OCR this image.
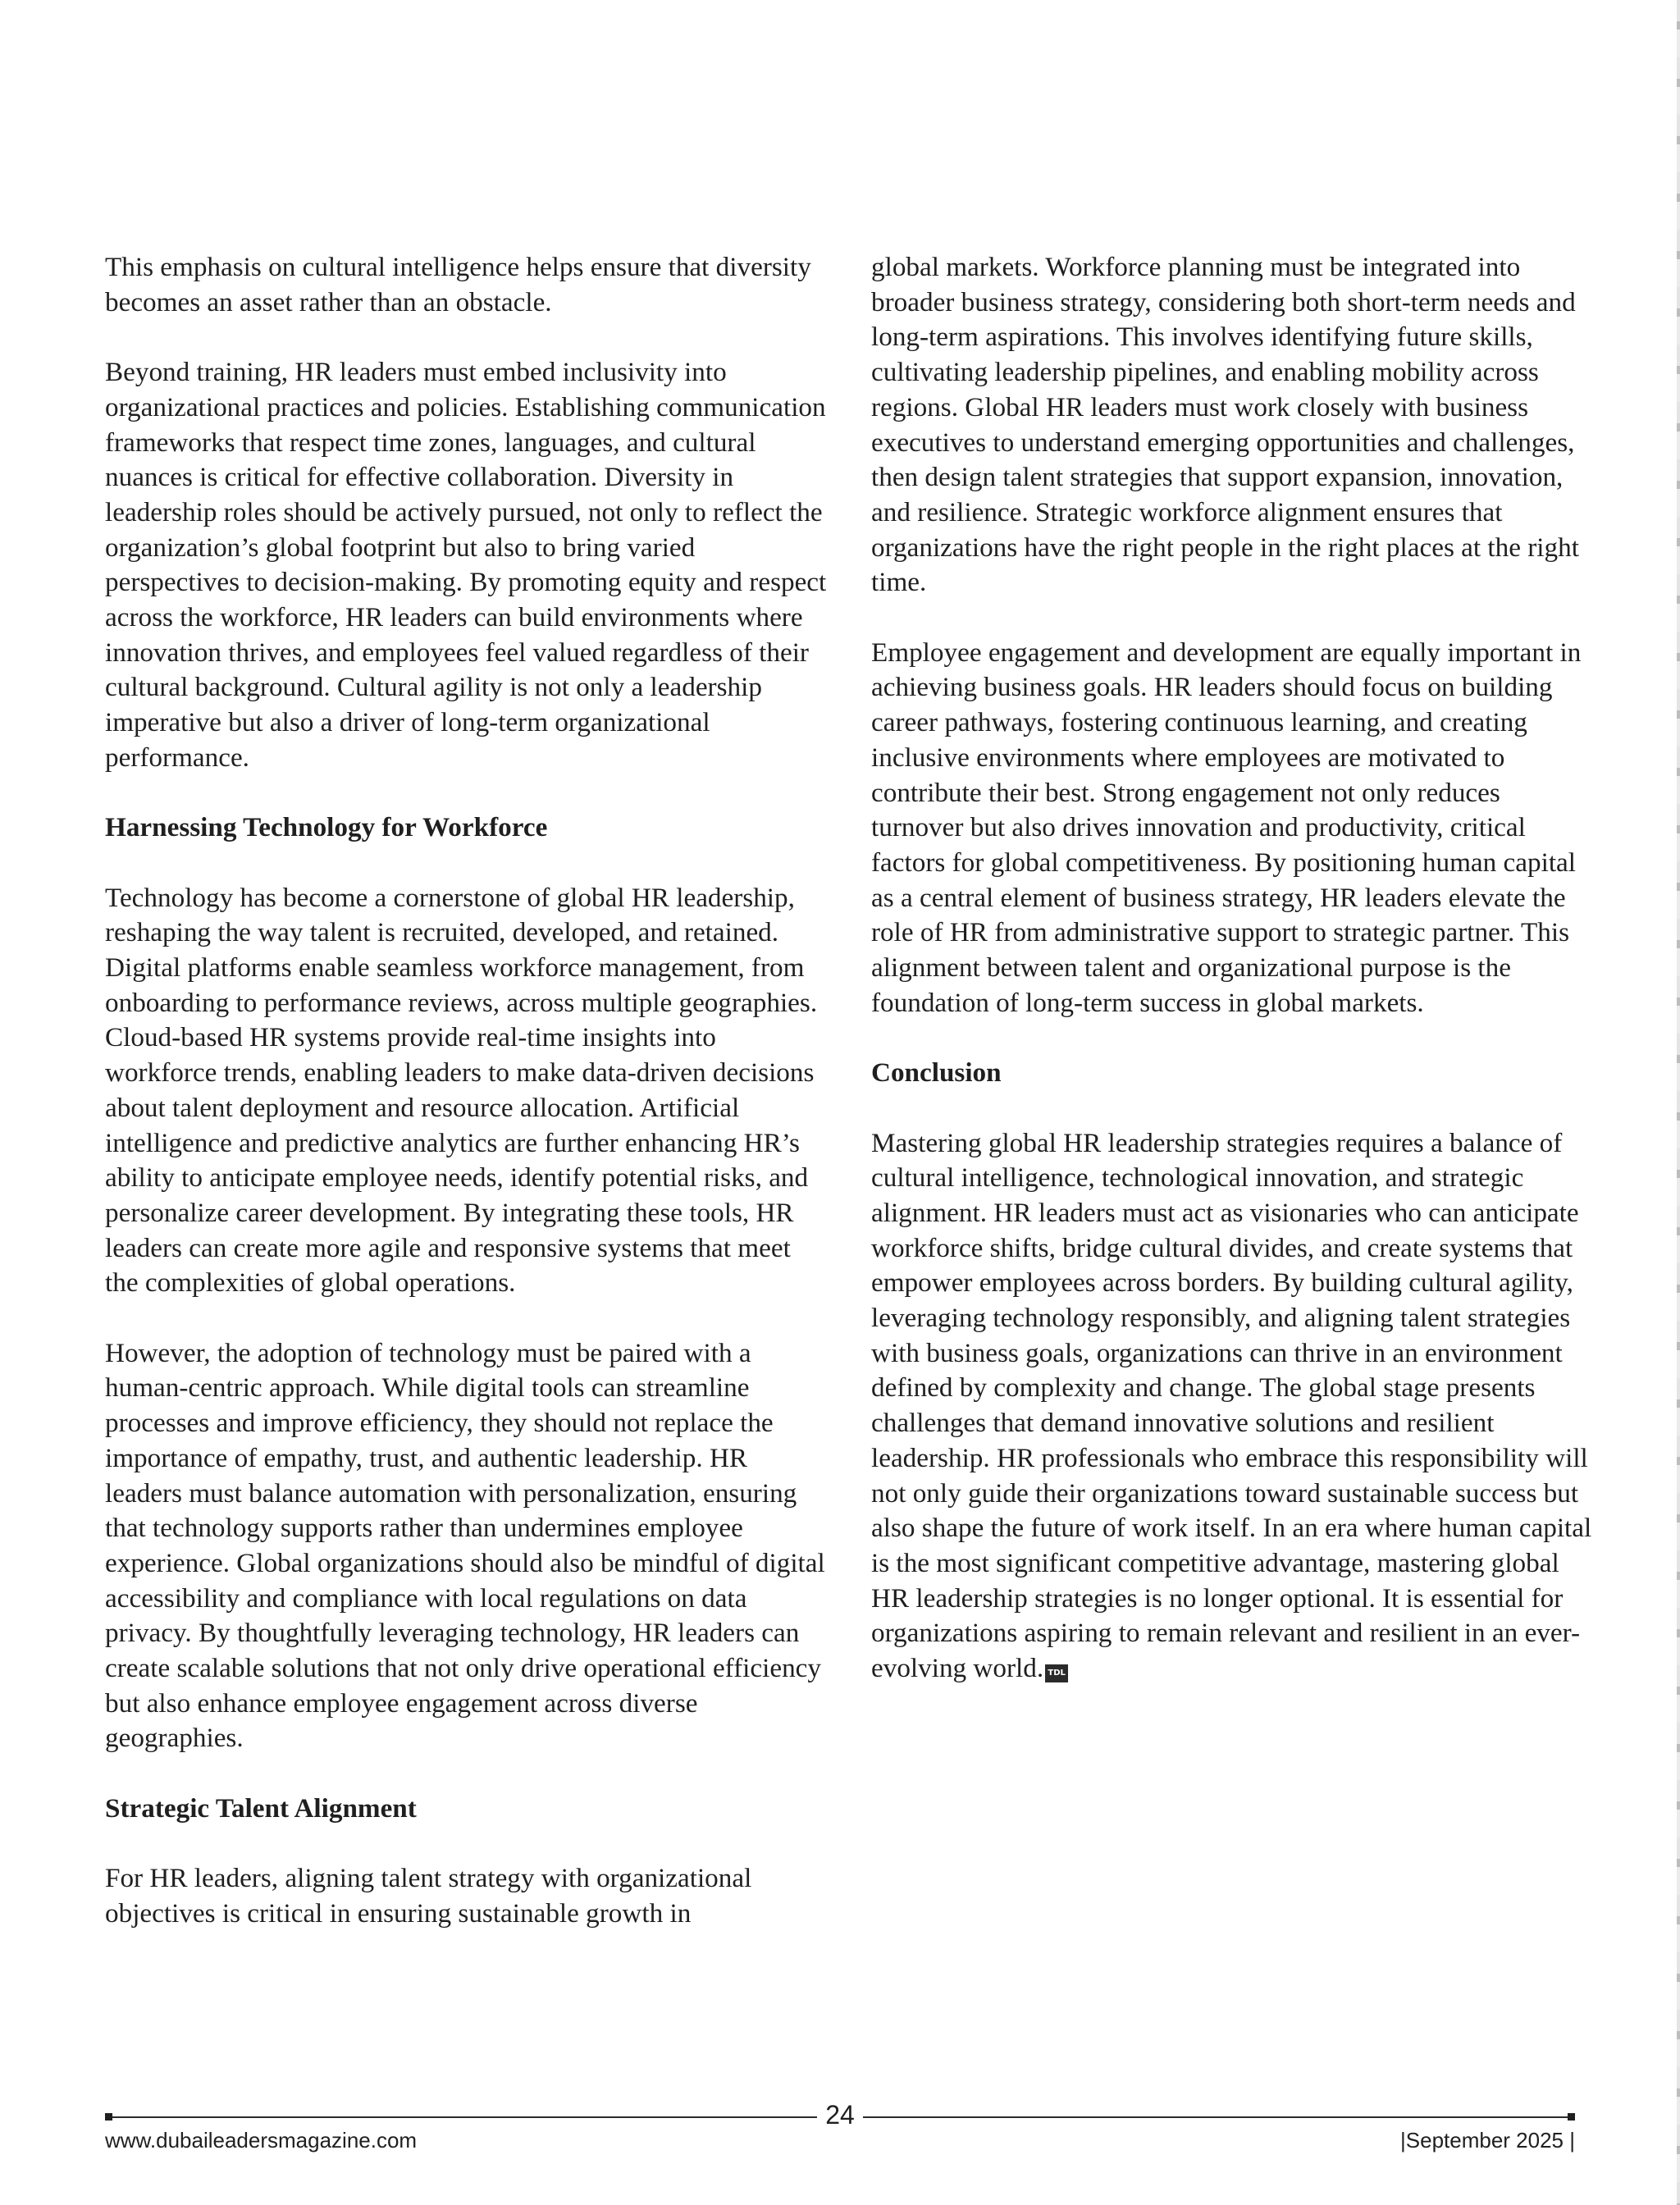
This emphasis on cultural intelligence helps ensure that diversity becomes an asset rather than an obstacle.

Beyond training, HR leaders must embed inclusivity into organizational practices and policies. Establishing communication frameworks that respect time zones, languages, and cultural nuances is critical for effective collaboration. Diversity in leadership roles should be actively pursued, not only to reflect the organization’s global footprint but also to bring varied perspectives to decision-making. By promoting equity and respect across the workforce, HR leaders can build environments where innovation thrives, and employees feel valued regardless of their cultural background. Cultural agility is not only a leadership imperative but also a driver of long-term organizational performance.

Harnessing Technology for Workforce

Technology has become a cornerstone of global HR leadership, reshaping the way talent is recruited, developed, and retained. Digital platforms enable seamless workforce management, from onboarding to performance reviews, across multiple geographies. Cloud-based HR systems provide real-time insights into workforce trends, enabling leaders to make data-driven decisions about talent deployment and resource allocation. Artificial intelligence and predictive analytics are further enhancing HR’s ability to anticipate employee needs, identify potential risks, and personalize career development. By integrating these tools, HR leaders can create more agile and responsive systems that meet the complexities of global operations.

However, the adoption of technology must be paired with a human-centric approach. While digital tools can streamline processes and improve efficiency, they should not replace the importance of empathy, trust, and authentic leadership. HR leaders must balance automation with personalization, ensuring that technology supports rather than undermines employee experience. Global organizations should also be mindful of digital accessibility and compliance with local regulations on data privacy. By thoughtfully leveraging technology, HR leaders can create scalable solutions that not only drive operational efficiency but also enhance employee engagement across diverse geographies.

Strategic Talent Alignment

For HR leaders, aligning talent strategy with organizational objectives is critical in ensuring sustainable growth in

global markets. Workforce planning must be integrated into broader business strategy, considering both short-term needs and long-term aspirations. This involves identifying future skills, cultivating leadership pipelines, and enabling mobility across regions. Global HR leaders must work closely with business executives to understand emerging opportunities and challenges, then design talent strategies that support expansion, innovation, and resilience. Strategic workforce alignment ensures that organizations have the right people in the right places at the right time.

Employee engagement and development are equally important in achieving business goals. HR leaders should focus on building career pathways, fostering continuous learning, and creating inclusive environments where employees are motivated to contribute their best. Strong engagement not only reduces turnover but also drives innovation and productivity, critical factors for global competitiveness. By positioning human capital as a central element of business strategy, HR leaders elevate the role of HR from administrative support to strategic partner. This alignment between talent and organizational purpose is the foundation of long-term success in global markets.

Conclusion

Mastering global HR leadership strategies requires a balance of cultural intelligence, technological innovation, and strategic alignment. HR leaders must act as visionaries who can anticipate workforce shifts, bridge cultural divides, and create systems that empower employees across borders. By building cultural agility, leveraging technology responsibly, and aligning talent strategies with business goals, organizations can thrive in an environment defined by complexity and change. The global stage presents challenges that demand innovative solutions and resilient leadership. HR professionals who embrace this responsibility will not only guide their organizations toward sustainable success but also shape the future of work itself. In an era where human capital is the most significant competitive advantage, mastering global HR leadership strategies is no longer optional. It is essential for organizations aspiring to remain relevant and resilient in an ever-evolving world. TDL

24
www.dubaileadersmagazine.com	|September 2025 |
